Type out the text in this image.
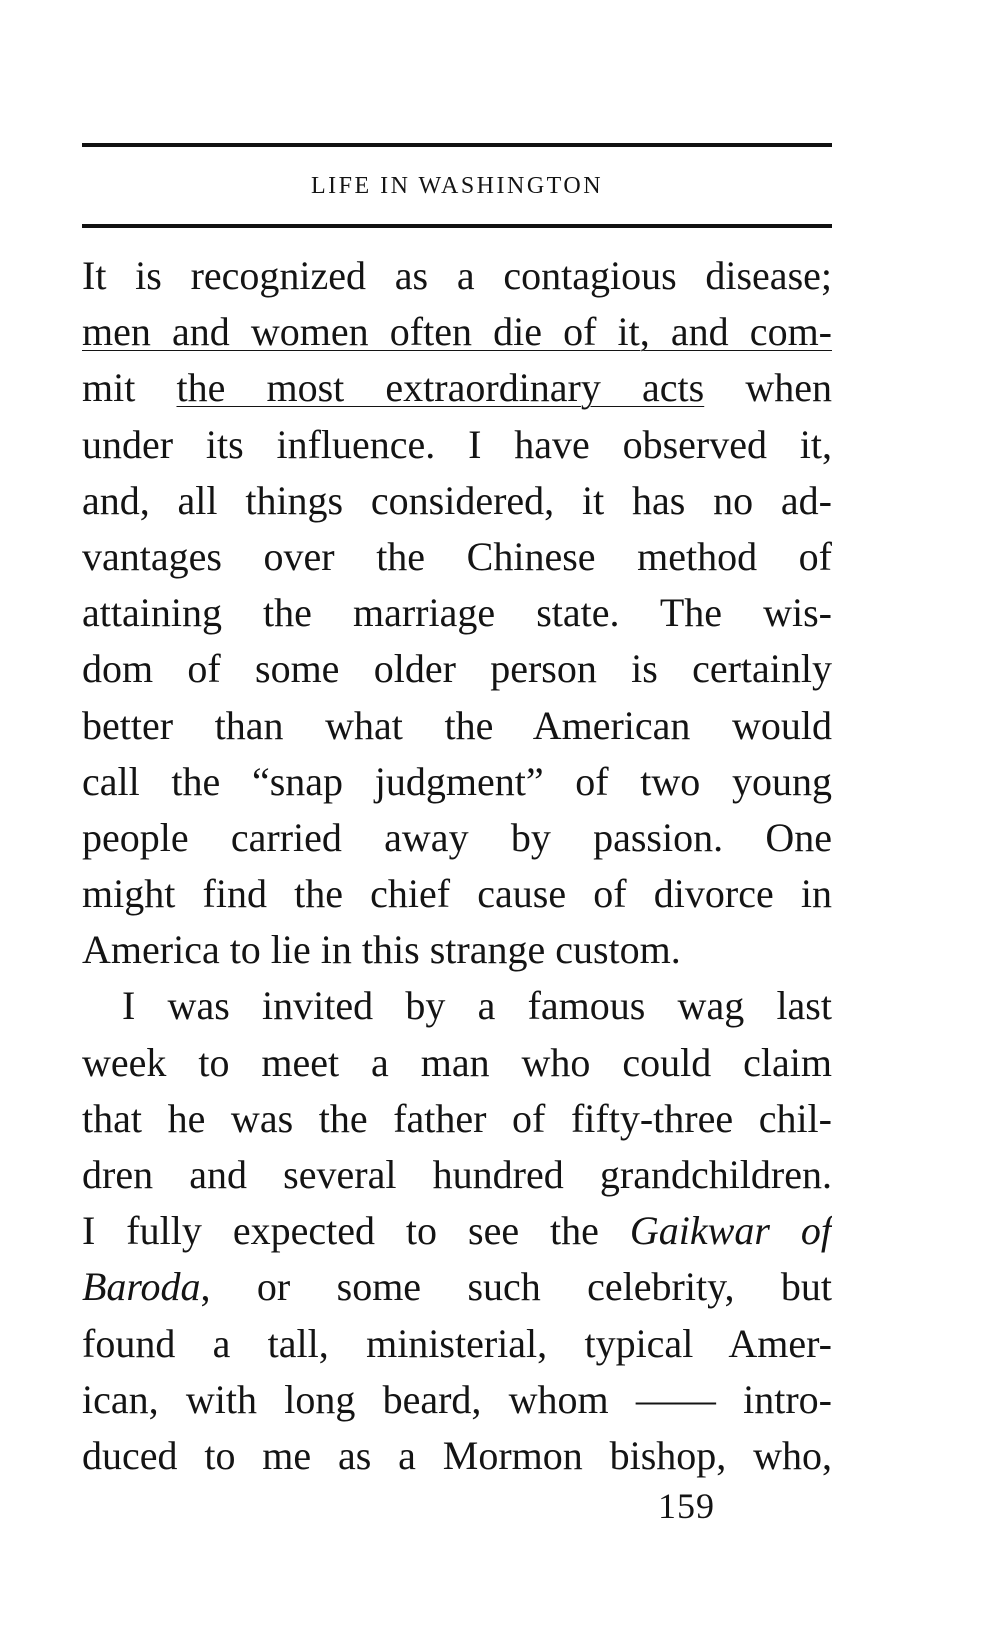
LIFE IN WASHINGTON
It is recognized as a contagious disease;
men and women often die of it, and com-
mit the most extraordinary acts when
under its influence. I have observed it,
and, all things considered, it has no ad-
vantages over the Chinese method of
attaining the marriage state. The wis-
dom of some older person is certainly
better than what the American would
call the “snap judgment” of two young
people carried away by passion. One
might find the chief cause of divorce in
America to lie in this strange custom.
I was invited by a famous wag last
week to meet a man who could claim
that he was the father of fifty-three chil-
dren and several hundred grandchildren.
I fully expected to see the Gaikwar of
Baroda, or some such celebrity, but
found a tall, ministerial, typical Amer-
ican, with long beard, whom —— intro-
duced to me as a Mormon bishop, who,
159
